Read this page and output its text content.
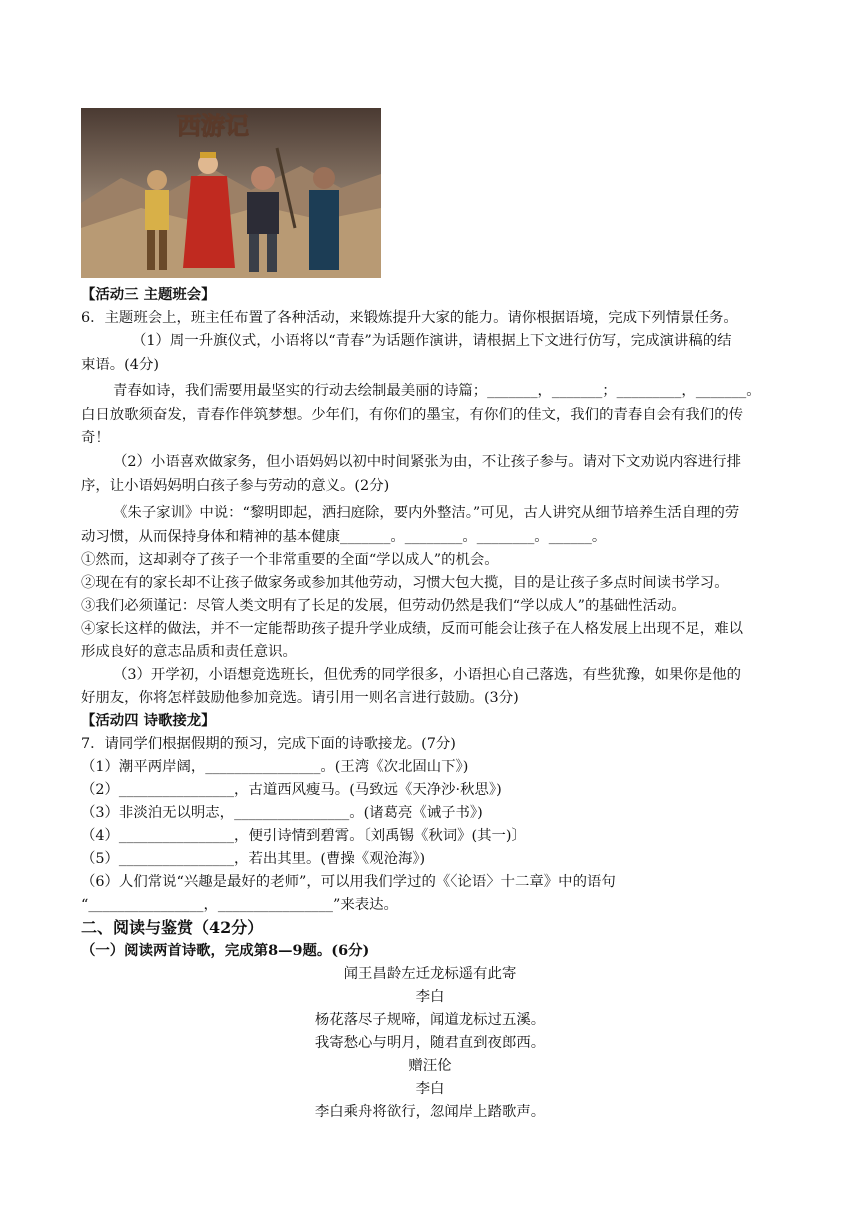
西游记
【活动三 主题班会】
6．主题班会上，班主任布置了各种活动，来锻炼提升大家的能力。请你根据语境，完成下列情景任务。
（1）周一升旗仪式，小语将以“青春”为话题作演讲，请根据上下文进行仿写，完成演讲稿的结
束语。(4分)
青春如诗，我们需要用最坚实的行动去绘制最美丽的诗篇；_______，_______；_________，_______。
白日放歌须奋发，青春作伴筑梦想。少年们，有你们的墨宝，有你们的佳文，我们的青春自会有我们的传
奇！
（2）小语喜欢做家务，但小语妈妈以初中时间紧张为由，不让孩子参与。请对下文劝说内容进行排
序，让小语妈妈明白孩子参与劳动的意义。(2分)
《朱子家训》中说：“黎明即起，洒扫庭除，要内外整洁。”可见，古人讲究从细节培养生活自理的劳
动习惯，从而保持身体和精神的基本健康_______。________。________。______。
①然而，这却剥夺了孩子一个非常重要的全面“学以成人”的机会。
②现在有的家长却不让孩子做家务或参加其他劳动，习惯大包大揽，目的是让孩子多点时间读书学习。
③我们必须谨记：尽管人类文明有了长足的发展，但劳动仍然是我们“学以成人”的基础性活动。
④家长这样的做法，并不一定能帮助孩子提升学业成绩，反而可能会让孩子在人格发展上出现不足，难以
形成良好的意志品质和责任意识。
（3）开学初，小语想竞选班长，但优秀的同学很多，小语担心自己落选，有些犹豫，如果你是他的
好朋友，你将怎样鼓励他参加竞选。请引用一则名言进行鼓励。(3分)
【活动四 诗歌接龙】
7．请同学们根据假期的预习，完成下面的诗歌接龙。(7分)
（1）潮平两岸阔，________________。(王湾《次北固山下》)
（2）________________，古道西风瘦马。(马致远《天净沙·秋思》)
（3）非淡泊无以明志，________________。(诸葛亮《诫子书》)
（4）________________，便引诗情到碧霄。〔刘禹锡《秋词》(其一)〕
（5）________________，若出其里。(曹操《观沧海》)
（6）人们常说“兴趣是最好的老师”，可以用我们学过的《〈论语〉十二章》中的语句
“________________，________________”来表达。
二、阅读与鉴赏（42分）
（一）阅读两首诗歌，完成第8—9题。(6分)
闻王昌龄左迁龙标遥有此寄
李白
杨花落尽子规啼，闻道龙标过五溪。
我寄愁心与明月，随君直到夜郎西。
赠汪伦
李白
李白乘舟将欲行，忽闻岸上踏歌声。
